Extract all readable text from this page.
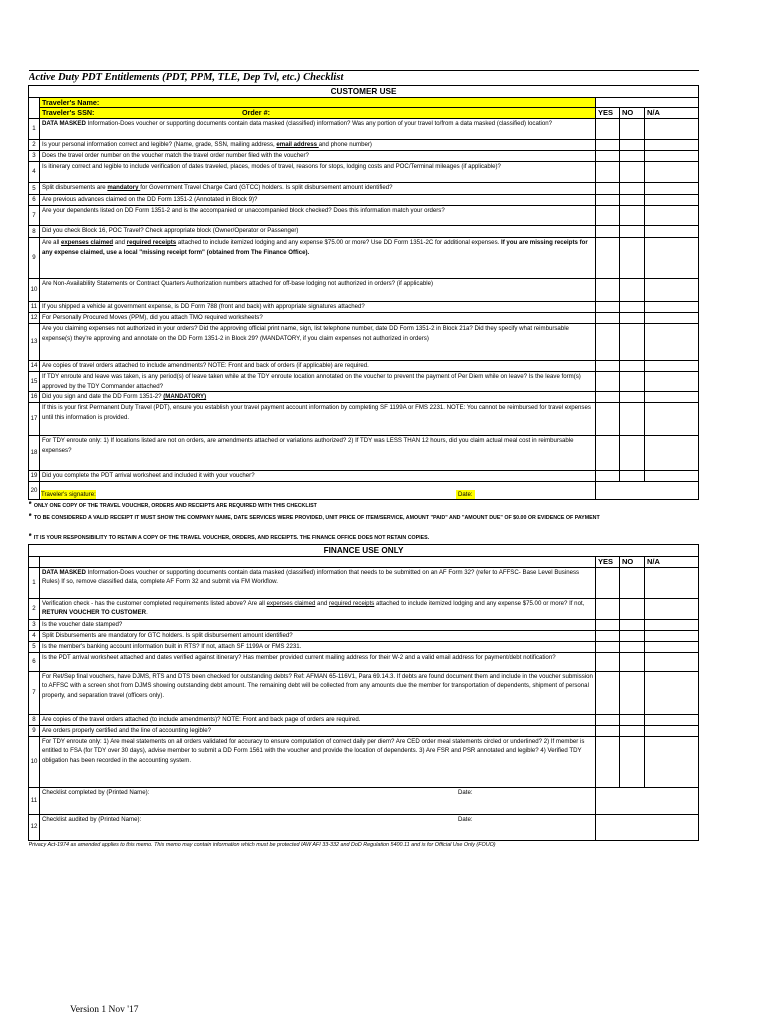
Active Duty PDT Entitlements (PDT, PPM, TLE, Dep Tvl, etc.) Checklist				
CUSTOMER USE				
	Traveler's Name:			
	Traveler's SSN: Order #:	YES	NO	N/A
1	DATA MASKED Information-Does voucher or supporting documents contain data masked (classified) information? Was any portion of your travel to/from a data masked (classified) location?			
2	Is your personal information correct and legible? (Name, grade, SSN, mailing address, email address and phone number)			
3	Does the travel order number on the voucher match the travel order number filed with the voucher?			
4	Is itinerary correct and legible to include verification of dates traveled, places, modes of travel, reasons for stops, lodging costs and POC/Terminal mileages (if applicable)?			
5	Split disbursements are mandatory for Government Travel Charge Card (GTCC) holders. Is split disbursement amount identified?			
6	Are previous advances claimed on the DD Form 1351-2 (Annotated in Block 9)?			
7	Are your dependents listed on DD Form 1351-2 and is the accompanied or unaccompanied block checked? Does this information match your orders?			
8	Did you check Block 16, POC Travel? Check appropriate block (Owner/Operator or Passenger)			
9	Are all expenses claimed and required receipts attached to include itemized lodging and any expense $75.00 or more? Use DD Form 1351-2C for additional expenses. If you are missing receipts for any expense claimed, use a local "missing receipt form" (obtained from The Finance Office).			
10	Are Non-Availability Statements or Contract Quarters Authorization numbers attached for off-base lodging not authorized in orders? (if applicable)			
11	If you shipped a vehicle at government expense, is DD Form 788 (front and back) with appropriate signatures attached?			
12	For Personally Procured Moves (PPM), did you attach TMO required worksheets?			
13	Are you claiming expenses not authorized in your orders? Did the approving official print name, sign, list telephone number, date DD Form 1351-2 in Block 21a? Did they specify what reimbursable expense(s) they're approving and annotate on the DD Form 1351-2 in Block 29? (MANDATORY, if you claim expenses not authorized in orders)			
14	Are copies of travel orders attached to include amendments? NOTE: Front and back of orders (if applicable) are required.			
15	If TDY enroute and leave was taken, is any period(s) of leave taken while at the TDY enroute location annotated on the voucher to prevent the payment of Per Diem while on leave? Is the leave form(s) approved by the TDY Commander attached?			
16	Did you sign and date the DD Form 1351-2? (MANDATORY)			
17	If this is your first Permanent Duty Travel (PDT), ensure you establish your travel payment account information by completing SF 1199A or FMS 2231. NOTE: You cannot be reimbursed for travel expenses until this information is provided.			
18	For TDY enroute only: 1) If locations listed are not on orders, are amendments attached or variations authorized? 2) If TDY was LESS THAN 12 hours, did you claim actual meal cost in reimbursable expenses?			
19	Did you complete the PDT arrival worksheet and included it with your voucher?			
20	Traveler's signature: Date:			

* ONLY ONE COPY OF THE TRAVEL VOUCHER, ORDERS AND RECEIPTS ARE REQUIRED WITH THIS CHECKLIST				
* TO BE CONSIDERED A VALID RECEIPT IT MUST SHOW THE COMPANY NAME, DATE SERVICES WERE PROVIDED, UNIT PRICE OF ITEM/SERVICE, AMOUNT "PAID" AND "AMOUNT DUE" OF $0.00 OR EVIDENCE OF PAYMENT				
* IT IS YOUR RESPONSIBILITY TO RETAIN A COPY OF THE TRAVEL VOUCHER, ORDERS, AND RECEIPTS. THE FINANCE OFFICE DOES NOT RETAIN COPIES.				
FINANCE USE ONLY				
		YES	NO	N/A
1	DATA MASKED Information-Does voucher or supporting documents contain data masked (classified) information that needs to be submitted on an AF Form 32? (refer to AFFSC- Base Level Business Rules) If so, remove classified data, complete AF Form 32 and submit via FM Workflow.			
2	Verification check - has the customer completed requirements listed above? Are all expenses claimed and required receipts attached to include itemized lodging and any expense $75.00 or more? If not, RETURN VOUCHER TO CUSTOMER.			
3	Is the voucher date stamped?			
4	Split Disbursements are mandatory for GTC holders. Is split disbursement amount identified?			
5	Is the member's banking account information built in RTS? If not, attach SF 1199A or FMS 2231.			
6	Is the PDT arrival worksheet attached and dates verified against itinerary? Has member provided current mailing address for their W-2 and a valid email address for payment/debt notification?			
7	For Ret/Sep final vouchers, have DJMS, RTS and DTS been checked for outstanding debts? Ref: AFMAN 65-116V1, Para 69.14.3. If debts are found document them and include in the voucher submission to AFFSC with a screen shot from DJMS showing outstanding debt amount. The remaining debt will be collected from any amounts due the member for transportation of dependents, shipment of personal property, and separation travel (officers only).			
8	Are copies of the travel orders attached (to include amendments)? NOTE: Front and back page of orders are required.			
9	Are orders properly certified and the line of accounting legible?			
10	For TDY enroute only: 1) Are meal statements on all orders validated for accuracy to ensure computation of correct daily per diem? Are CED order meal statements circled or underlined? 2) If member is entitled to FSA (for TDY over 30 days), advise member to submit a DD Form 1561 with the voucher and provide the location of dependents. 3) Are FSR and PSR annotated and legible? 4) Verified TDY obligation has been recorded in the accounting system.			
11	Checklist completed by (Printed Name): Date:			

12	Checklist audited by (Printed Name): Date:			

Privacy Act-1974 as amended applies to this memo. This memo may contain information which must be protected IAW AFI 33-332 and DoD Regulation 5400.11 and is for Official Use Only (FOUO)				
Version 1 Nov '17
